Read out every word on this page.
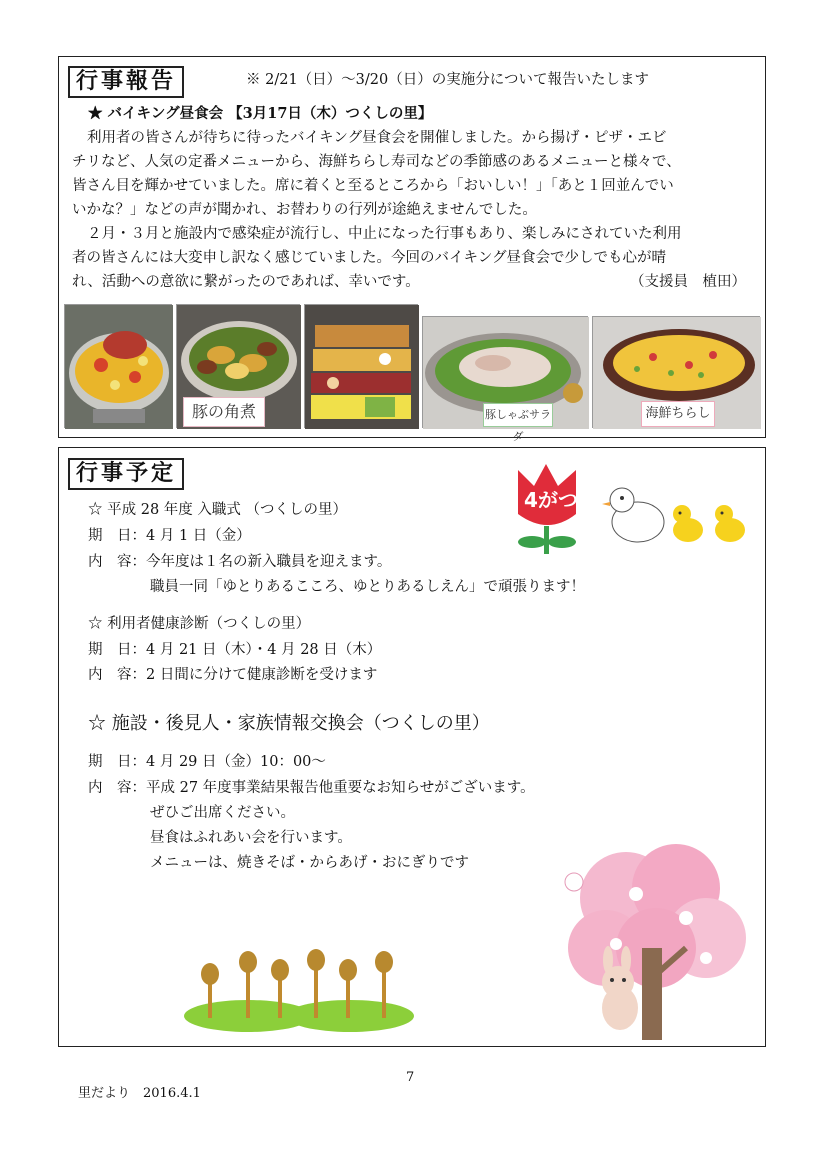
行事報告	※ 2/21（日）～3/20（日）の実施分について報告いたします
★ バイキング昼食会 【3月17日（木）つくしの里】
利用者の皆さんが待ちに待ったバイキング昼食会を開催しました。から揚げ・ピザ・エビ
チリなど、人気の定番メニューから、海鮮ちらし寿司などの季節感のあるメニューと様々で、
皆さん目を輝かせていました。席に着くと至るところから「おいしい！」「あと１回並んでい
いかな？」などの声が聞かれ、お替わりの行列が途絶えませんでした。
２月・３月と施設内で感染症が流行し、中止になった行事もあり、楽しみにされていた利用
者の皆さんには大変申し訳なく感じていました。今回のバイキング昼食会で少しでも心が晴
れ、活動への意欲に繋がったのであれば、幸いです。	（支援員　植田）
豚の角煮	豚しゃぶサラダ
海鮮ちらし
行事予定
4がつ
☆ 平成 28 年度 入職式 （つくしの里）
期　日：4 月 1 日（金）
内　容：今年度は１名の新入職員を迎えます。
職員一同「ゆとりあるこころ、ゆとりあるしえん」で頑張ります！
☆ 利用者健康診断（つくしの里）
期　日：4 月 21 日（木）・4 月 28 日（木）
内　容：2 日間に分けて健康診断を受けます
☆ 施設・後見人・家族情報交換会（つくしの里）
期　日：4 月 29 日（金）10：00～
内　容：平成 27 年度事業結果報告他重要なお知らせがございます。
ぜひご出席ください。
昼食はふれあい会を行います。
メニューは、焼きそば・からあげ・おにぎりです
7
里だより　2016.4.1
